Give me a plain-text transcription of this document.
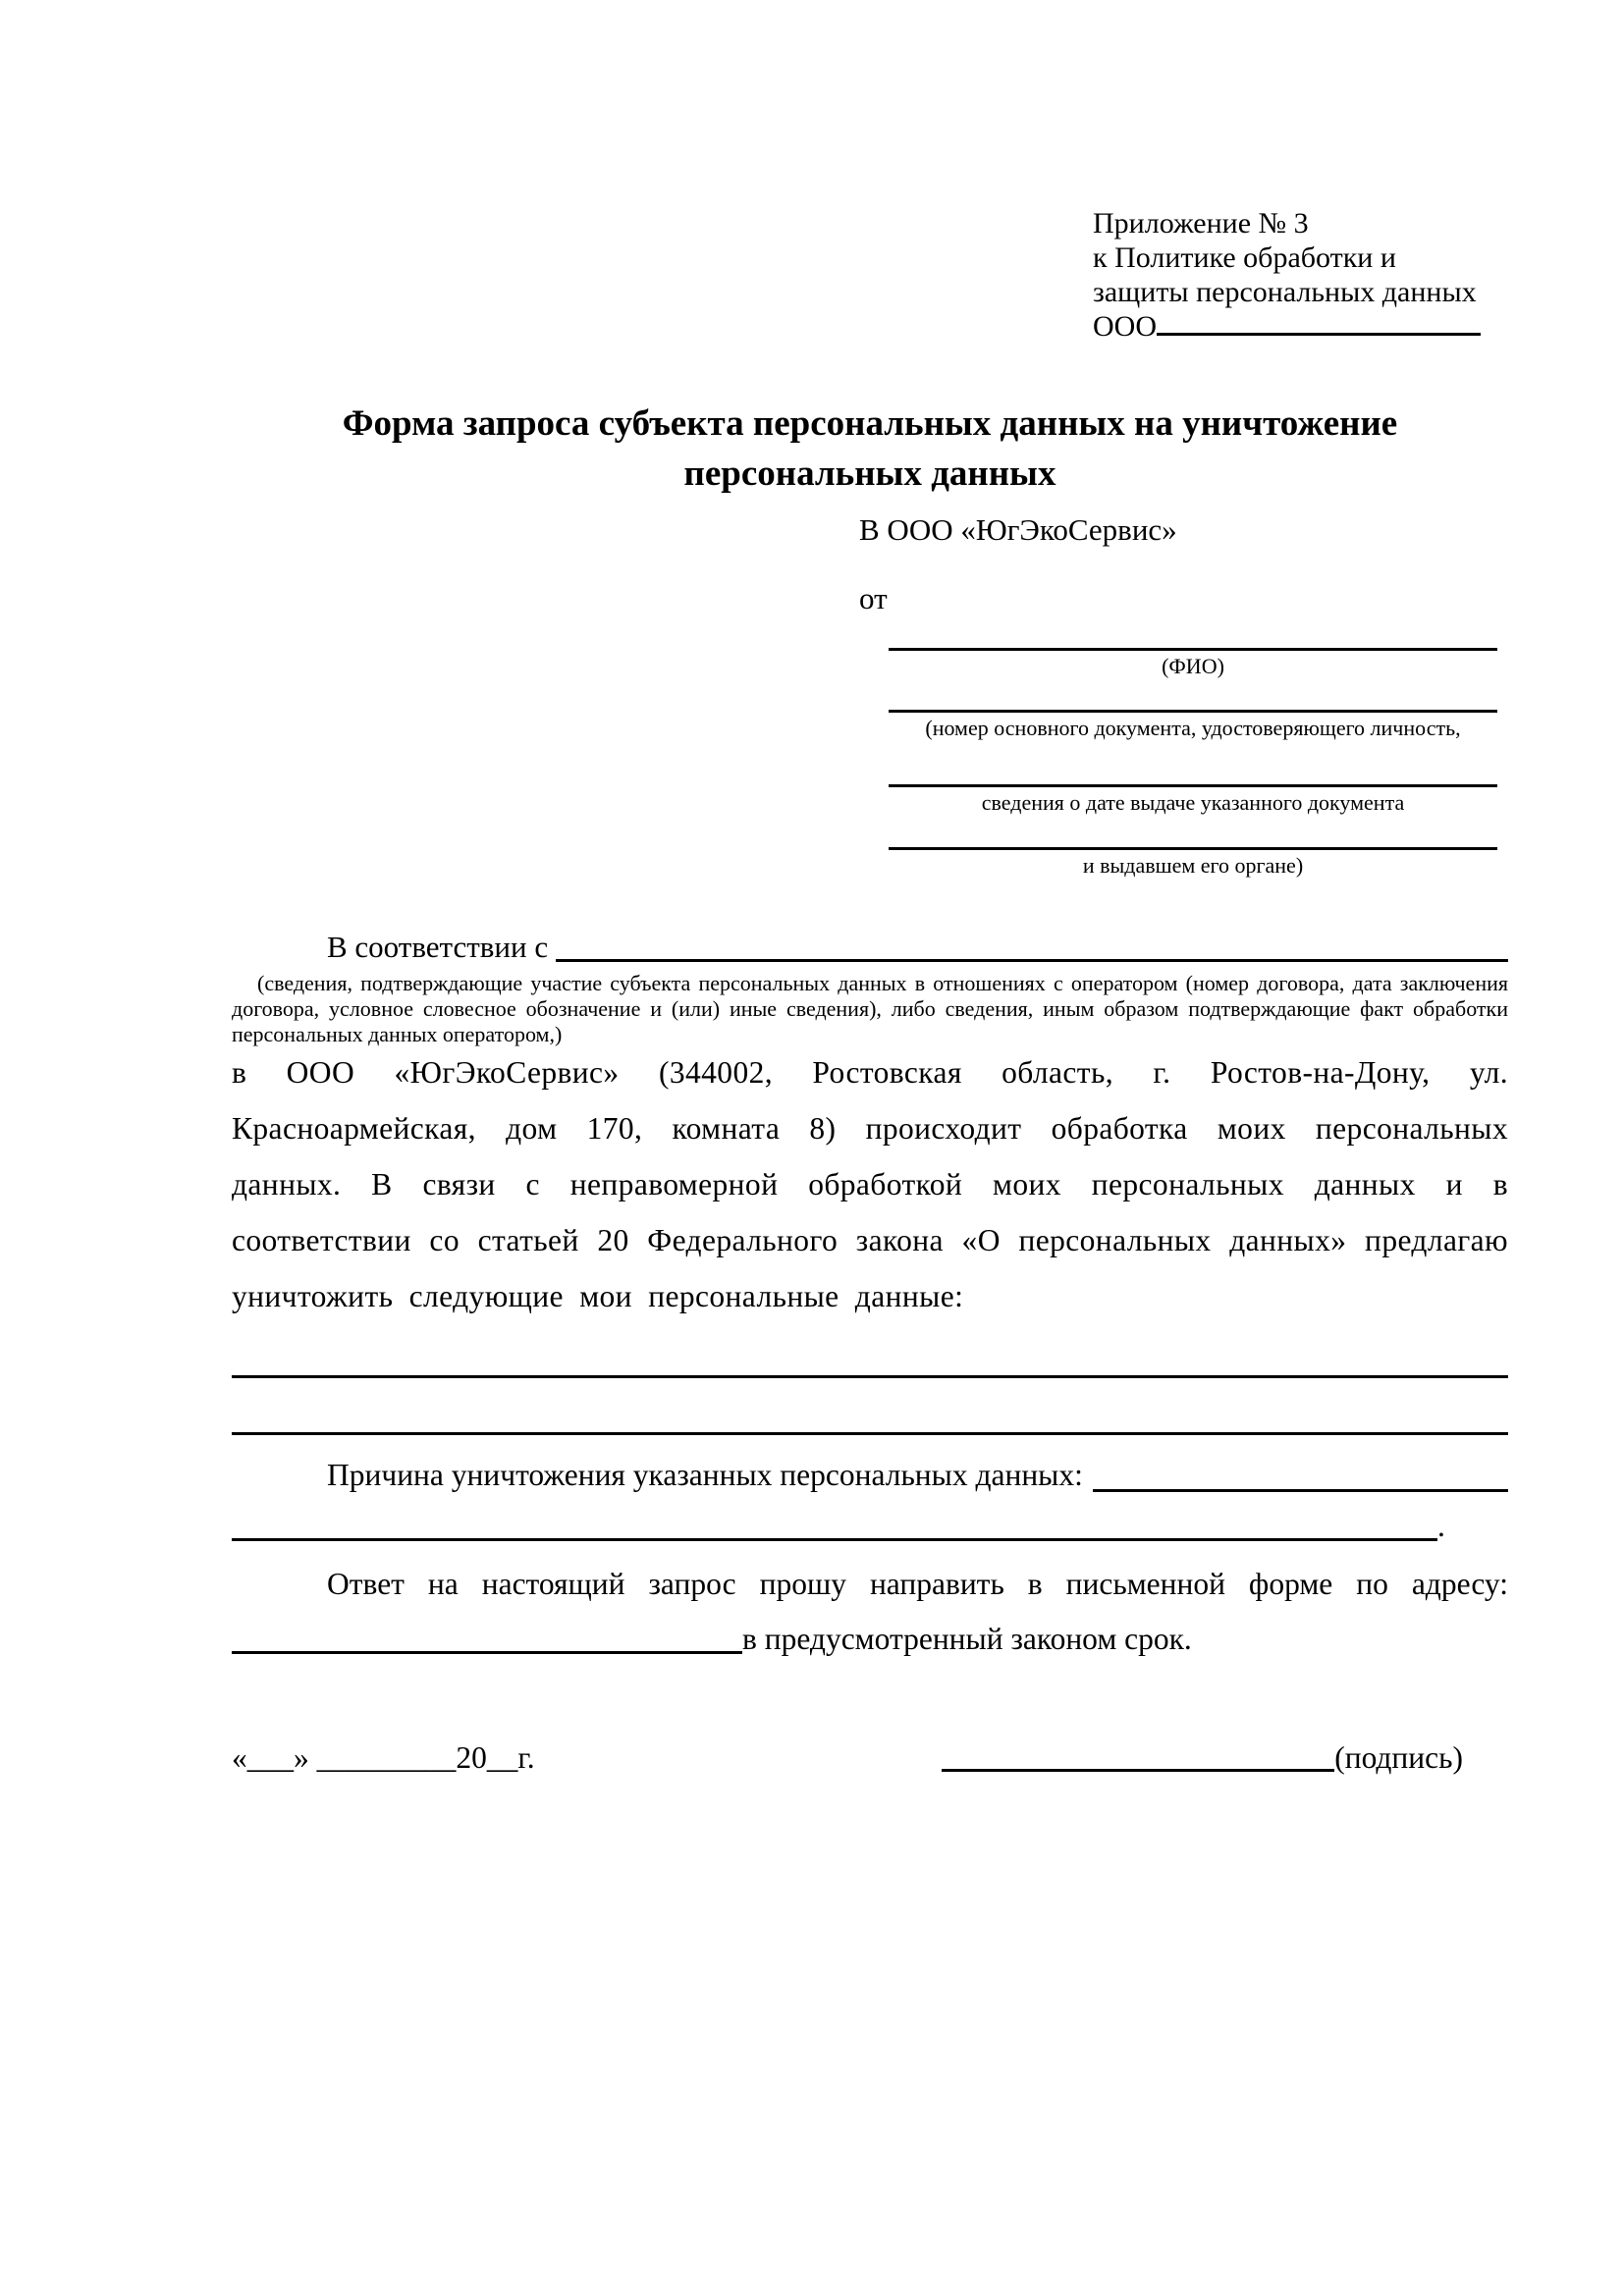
Приложение № 3
к Политике обработки и
защиты персональных данных
ООО
Форма запроса субъекта персональных данных на уничтожение
персональных данных
В ООО «ЮгЭкоСервис»
от
(ФИО)
(номер основного документа, удостоверяющего личность,
сведения о дате выдаче указанного документа
и выдавшем его органе)
В соответствии с
(сведения, подтверждающие участие субъекта персональных данных в отношениях с оператором (номер договора, дата заключения договора, условное словесное обозначение и (или) иные сведения), либо сведения, иным образом подтверждающие факт обработки персональных данных оператором,)
в ООО «ЮгЭкоСервис» (344002, Ростовская область, г. Ростов-на-Дону, ул. Красноармейская, дом 170, комната 8) происходит обработка моих персональных данных. В связи с неправомерной обработкой моих персональных данных и в соответствии со статьей 20 Федерального закона «О персональных данных» предлагаю уничтожить следующие мои персональные данные:
Причина уничтожения указанных персональных данных:
.
Ответ на настоящий запрос прошу направить в письменной форме по адресу:
в предусмотренный законом срок.
«___» _________20__г.	(подпись)
